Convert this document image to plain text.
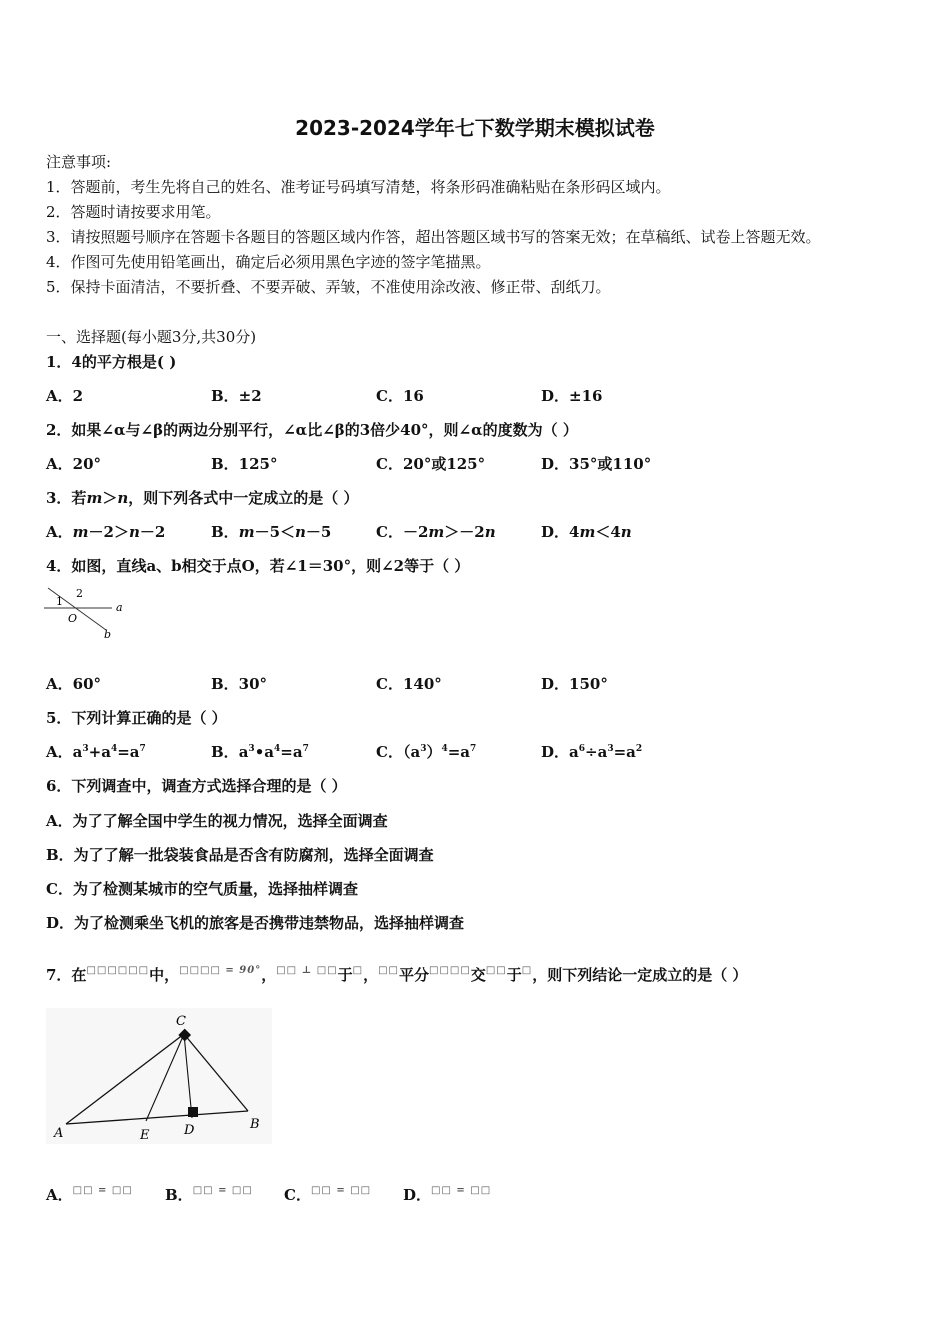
2023-2024学年七下数学期末模拟试卷
注意事项:
1．答题前，考生先将自己的姓名、准考证号码填写清楚，将条形码准确粘贴在条形码区域内。
2．答题时请按要求用笔。
3．请按照题号顺序在答题卡各题目的答题区域内作答，超出答题区域书写的答案无效；在草稿纸、试卷上答题无效。
4．作图可先使用铅笔画出，确定后必须用黑色字迹的签字笔描黑。
5．保持卡面清洁，不要折叠、不要弄破、弄皱，不准使用涂改液、修正带、刮纸刀。
一、选择题(每小题3分,共30分)
1．4的平方根是( )
A．2	B．±2	C．16	D．±16
2．如果∠α与∠β的两边分别平行，∠α比∠β的3倍少40°，则∠α的度数为（ ）
A．20°	B．125°	C．20°或125°	D．35°或110°
3．若m＞n，则下列各式中一定成立的是（ ）
A．m－2＞n－2	B．m－5＜n－5	C．－2m＞－2n	D．4m＜4n
4．如图，直线a、b相交于点O，若∠1＝30°，则∠2等于（ ）
1
2
O
a
b
A．60°	B．30°	C．140°	D．150°
5．下列计算正确的是（ ）
A．$a^3+a^4=a^7$	B．$a^3•a^4=a^7$	C．$(a^3)^4=a^7$	D．$a^6\div a^3=a^2$
6．下列调查中，调查方式选择合理的是（ ）
A．为了了解全国中学生的视力情况，选择全面调查
B．为了了解一批袋装食品是否含有防腐剂，选择全面调查
C．为了检测某城市的空气质量，选择抽样调查
D．为了检测乘坐飞机的旅客是否携带违禁物品，选择抽样调查
7．在□□□□□□中，□□□□ = $^{90^\circ}$，□□ ⊥ □□于□，□□平分□□□□交□□于□，则下列结论一定成立的是（ ）
C
A	E	D	B
A．□□ = □□ B．□□ = □□ C．□□ = □□ D．□□ = □□
